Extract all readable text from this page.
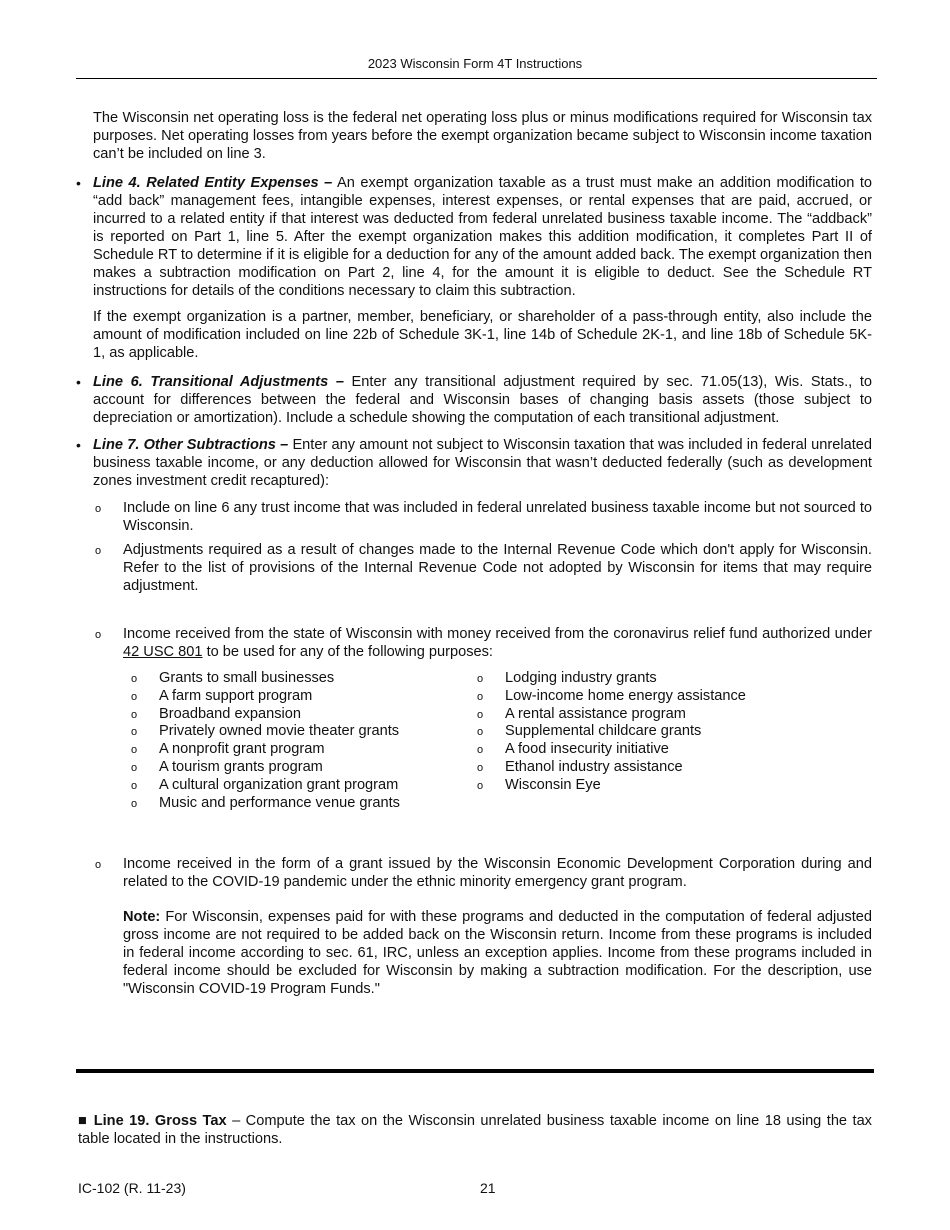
2023 Wisconsin Form 4T Instructions
The Wisconsin net operating loss is the federal net operating loss plus or minus modifications required for Wisconsin tax purposes. Net operating losses from years before the exempt organization became subject to Wisconsin income taxation can’t be included on line 3.
• Line 4. Related Entity Expenses – An exempt organization taxable as a trust must make an addition modification to “add back” management fees, intangible expenses, interest expenses, or rental expenses that are paid, accrued, or incurred to a related entity if that interest was deducted from federal unrelated business taxable income. The “addback” is reported on Part 1, line 5. After the exempt organization makes this addition modification, it completes Part II of Schedule RT to determine if it is eligible for a deduction for any of the amount added back. The exempt organization then makes a subtraction modification on Part 2, line 4, for the amount it is eligible to deduct. See the Schedule RT instructions for details of the conditions necessary to claim this subtraction.
If the exempt organization is a partner, member, beneficiary, or shareholder of a pass-through entity, also include the amount of modification included on line 22b of Schedule 3K-1, line 14b of Schedule 2K-1, and line 18b of Schedule 5K-1, as applicable.
• Line 6. Transitional Adjustments – Enter any transitional adjustment required by sec. 71.05(13), Wis. Stats., to account for differences between the federal and Wisconsin bases of changing basis assets (those subject to depreciation or amortization). Include a schedule showing the computation of each transitional adjustment.
• Line 7. Other Subtractions – Enter any amount not subject to Wisconsin taxation that was included in federal unrelated business taxable income, or any deduction allowed for Wisconsin that wasn’t deducted federally (such as development zones investment credit recaptured):
o Include on line 6 any trust income that was included in federal unrelated business taxable income but not sourced to Wisconsin.
o Adjustments required as a result of changes made to the Internal Revenue Code which don't apply for Wisconsin. Refer to the list of provisions of the Internal Revenue Code not adopted by Wisconsin for items that may require adjustment.
o Income received from the state of Wisconsin with money received from the coronavirus relief fund authorized under 42 USC 801 to be used for any of the following purposes:
o Grants to small businesses
o A farm support program
o Broadband expansion
o Privately owned movie theater grants
o A nonprofit grant program
o A tourism grants program
o A cultural organization grant program
o Music and performance venue grants
o Lodging industry grants
o Low-income home energy assistance
o A rental assistance program
o Supplemental childcare grants
o A food insecurity initiative
o Ethanol industry assistance
o Wisconsin Eye
o Income received in the form of a grant issued by the Wisconsin Economic Development Corporation during and related to the COVID-19 pandemic under the ethnic minority emergency grant program.
Note: For Wisconsin, expenses paid for with these programs and deducted in the computation of federal adjusted gross income are not required to be added back on the Wisconsin return. Income from these programs is included in federal income according to sec. 61, IRC, unless an exception applies. Income from these programs included in federal income should be excluded for Wisconsin by making a subtraction modification. For the description, use "Wisconsin COVID-19 Program Funds."
■ Line 19. Gross Tax – Compute the tax on the Wisconsin unrelated business taxable income on line 18 using the tax table located in the instructions.
IC-102 (R. 11-23)	21
